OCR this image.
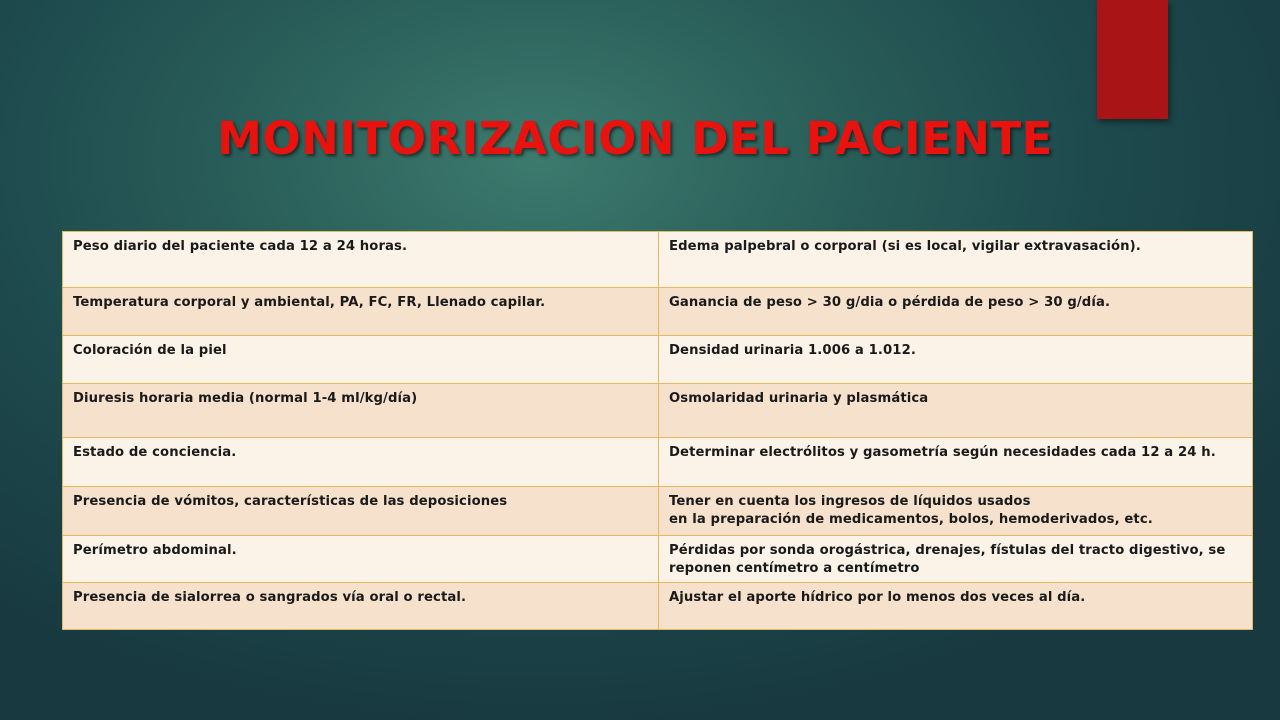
MONITORIZACION DEL PACIENTE
Peso diario del paciente cada 12 a 24 horas.	Edema palpebral o corporal (si es local, vigilar extravasación).

Temperatura corporal y ambiental, PA, FC, FR, Llenado capilar.	Ganancia de peso > 30 g/dia o pérdida de peso > 30 g/día.

Coloración de la piel	Densidad urinaria 1.006 a 1.012.

Diuresis horaria media (normal 1-4 ml/kg/día)	Osmolaridad urinaria y plasmática

Estado de conciencia.	Determinar electrólitos y gasometría según necesidades cada 12 a 24 h.

Presencia de vómitos, características de las deposiciones	Tener en cuenta los ingresos de líquidos usados
en la preparación de medicamentos, bolos, hemoderivados, etc.

Perímetro abdominal.	Pérdidas por sonda orogástrica, drenajes, fístulas del tracto digestivo, se reponen centímetro a centímetro

Presencia de sialorrea o sangrados vía oral o rectal.	Ajustar el aporte hídrico por lo menos dos veces al día.
